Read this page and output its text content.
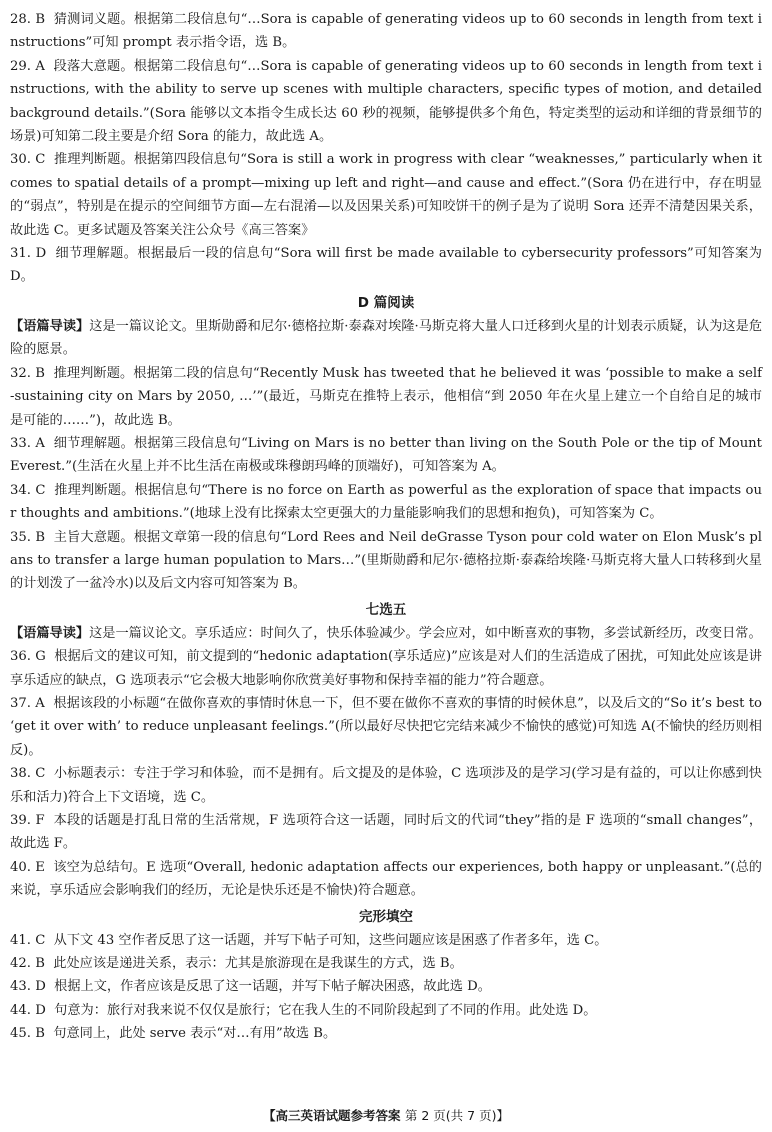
28. B 猜测词义题。根据第二段信息句“…Sora is capable of generating videos up to 60 seconds in length from text instructions”可知 prompt 表示指令语，选 B。

29. A 段落大意题。根据第二段信息句“…Sora is capable of generating videos up to 60 seconds in length from text instructions, with the ability to serve up scenes with multiple characters, specific types of motion, and detailed background details.”(Sora 能够以文本指令生成长达 60 秒的视频，能够提供多个角色，特定类型的运动和详细的背景细节的场景)可知第二段主要是介绍 Sora 的能力，故此选 A。

30. C 推理判断题。根据第四段信息句“Sora is still a work in progress with clear “weaknesses,” particularly when it comes to spatial details of a prompt—mixing up left and right—and cause and effect.”(Sora 仍在进行中，存在明显的“弱点”，特别是在提示的空间细节方面—左右混淆—以及因果关系)可知咬饼干的例子是为了说明 Sora 还弄不清楚因果关系，故此选 C。更多试题及答案关注公众号《高三答案》

31. D 细节理解题。根据最后一段的信息句“Sora will first be made available to cybersecurity professors”可知答案为 D。

D 篇阅读

【语篇导读】这是一篇议论文。里斯勋爵和尼尔·德格拉斯·泰森对埃隆·马斯克将大量人口迁移到火星的计划表示质疑，认为这是危险的愿景。

32. B 推理判断题。根据第二段的信息句“Recently Musk has tweeted that he believed it was ‘possible to make a self-sustaining city on Mars by 2050, …’”(最近，马斯克在推特上表示，他相信“到 2050 年在火星上建立一个自给自足的城市是可能的……”)，故此选 B。

33. A 细节理解题。根据第三段信息句“Living on Mars is no better than living on the South Pole or the tip of Mount Everest.”(生活在火星上并不比生活在南极或珠穆朗玛峰的顶端好)，可知答案为 A。

34. C 推理判断题。根据信息句“There is no force on Earth as powerful as the exploration of space that impacts our thoughts and ambitions.”(地球上没有比探索太空更强大的力量能影响我们的思想和抱负)，可知答案为 C。

35. B 主旨大意题。根据文章第一段的信息句“Lord Rees and Neil deGrasse Tyson pour cold water on Elon Musk’s plans to transfer a large human population to Mars…”(里斯勋爵和尼尔·德格拉斯·泰森给埃隆·马斯克将大量人口转移到火星的计划泼了一盆冷水)以及后文内容可知答案为 B。

七选五

【语篇导读】这是一篇议论文。享乐适应：时间久了，快乐体验减少。学会应对，如中断喜欢的事物，多尝试新经历，改变日常。

36. G 根据后文的建议可知，前文提到的“hedonic adaptation(享乐适应)”应该是对人们的生活造成了困扰，可知此处应该是讲享乐适应的缺点，G 选项表示“它会极大地影响你欣赏美好事物和保持幸福的能力”符合题意。

37. A 根据该段的小标题“在做你喜欢的事情时休息一下，但不要在做你不喜欢的事情的时候休息”，以及后文的“So it’s best to ‘get it over with’ to reduce unpleasant feelings.”(所以最好尽快把它完结来减少不愉快的感觉)可知选 A(不愉快的经历则相反)。

38. C 小标题表示：专注于学习和体验，而不是拥有。后文提及的是体验，C 选项涉及的是学习(学习是有益的，可以让你感到快乐和活力)符合上下文语境，选 C。

39. F 本段的话题是打乱日常的生活常规，F 选项符合这一话题，同时后文的代词“they”指的是 F 选项的“small changes”，故此选 F。

40. E 该空为总结句。E 选项“Overall, hedonic adaptation affects our experiences, both happy or unpleasant.”(总的来说，享乐适应会影响我们的经历，无论是快乐还是不愉快)符合题意。

完形填空

41. C 从下文 43 空作者反思了这一话题，并写下帖子可知，这些问题应该是困惑了作者多年，选 C。

42. B 此处应该是递进关系，表示：尤其是旅游现在是我谋生的方式，选 B。

43. D 根据上文，作者应该是反思了这一话题，并写下帖子解决困惑，故此选 D。

44. D 句意为：旅行对我来说不仅仅是旅行；它在我人生的不同阶段起到了不同的作用。此处选 D。

45. B 句意同上，此处 serve 表示“对…有用”故选 B。

【高三英语试题参考答案 第 2 页(共 7 页)】
